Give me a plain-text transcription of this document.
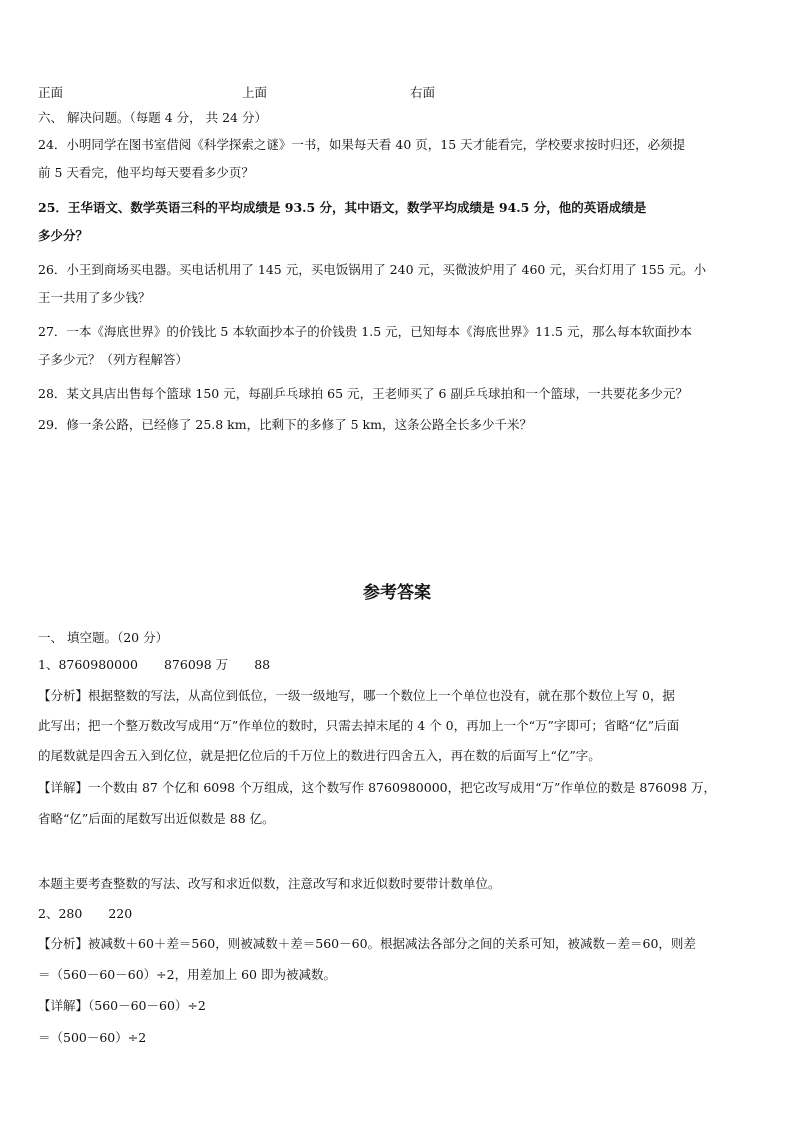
正面	上面	右面
六、 解决问题。（每题 4 分， 共 24 分）
24．小明同学在图书室借阅《科学探索之谜》一书，如果每天看 40 页，15 天才能看完，学校要求按时归还，必须提
前 5 天看完，他平均每天要看多少页？
25．王华语文、数学英语三科的平均成绩是 93.5 分，其中语文，数学平均成绩是 94.5 分，他的英语成绩是
多少分？
26．小王到商场买电器。买电话机用了 145 元，买电饭锅用了 240 元，买微波炉用了 460 元，买台灯用了 155 元。小
王一共用了多少钱？
27．一本《海底世界》的价钱比 5 本软面抄本子的价钱贵 1.5 元，已知每本《海底世界》11.5 元，那么每本软面抄本
子多少元？（列方程解答）
28．某文具店出售每个篮球 150 元，每副乒乓球拍 65 元，王老师买了 6 副乒乓球拍和一个篮球，一共要花多少元？
29．修一条公路，已经修了 25.8 km，比剩下的多修了 5 km，这条公路全长多少千米？
参考答案
一、 填空题。（20 分）
1、8760980000 876098 万 88
【分析】根据整数的写法，从高位到低位，一级一级地写，哪一个数位上一个单位也没有，就在那个数位上写 0，据
此写出；把一个整万数改写成用“万”作单位的数时，只需去掉末尾的 4 个 0，再加上一个“万”字即可；省略“亿”后面
的尾数就是四舍五入到亿位，就是把亿位后的千万位上的数进行四舍五入，再在数的后面写上“亿”字。
【详解】一个数由 87 个亿和 6098 个万组成，这个数写作 8760980000，把它改写成用“万”作单位的数是 876098 万，
省略“亿”后面的尾数写出近似数是 88 亿。
本题主要考查整数的写法、改写和求近似数，注意改写和求近似数时要带计数单位。
2、280 220
【分析】被减数＋60＋差＝560，则被减数＋差＝560－60。根据减法各部分之间的关系可知，被减数－差＝60，则差
＝（560－60－60）÷2，用差加上 60 即为被减数。
【详解】（560－60－60）÷2
＝（500－60）÷2
